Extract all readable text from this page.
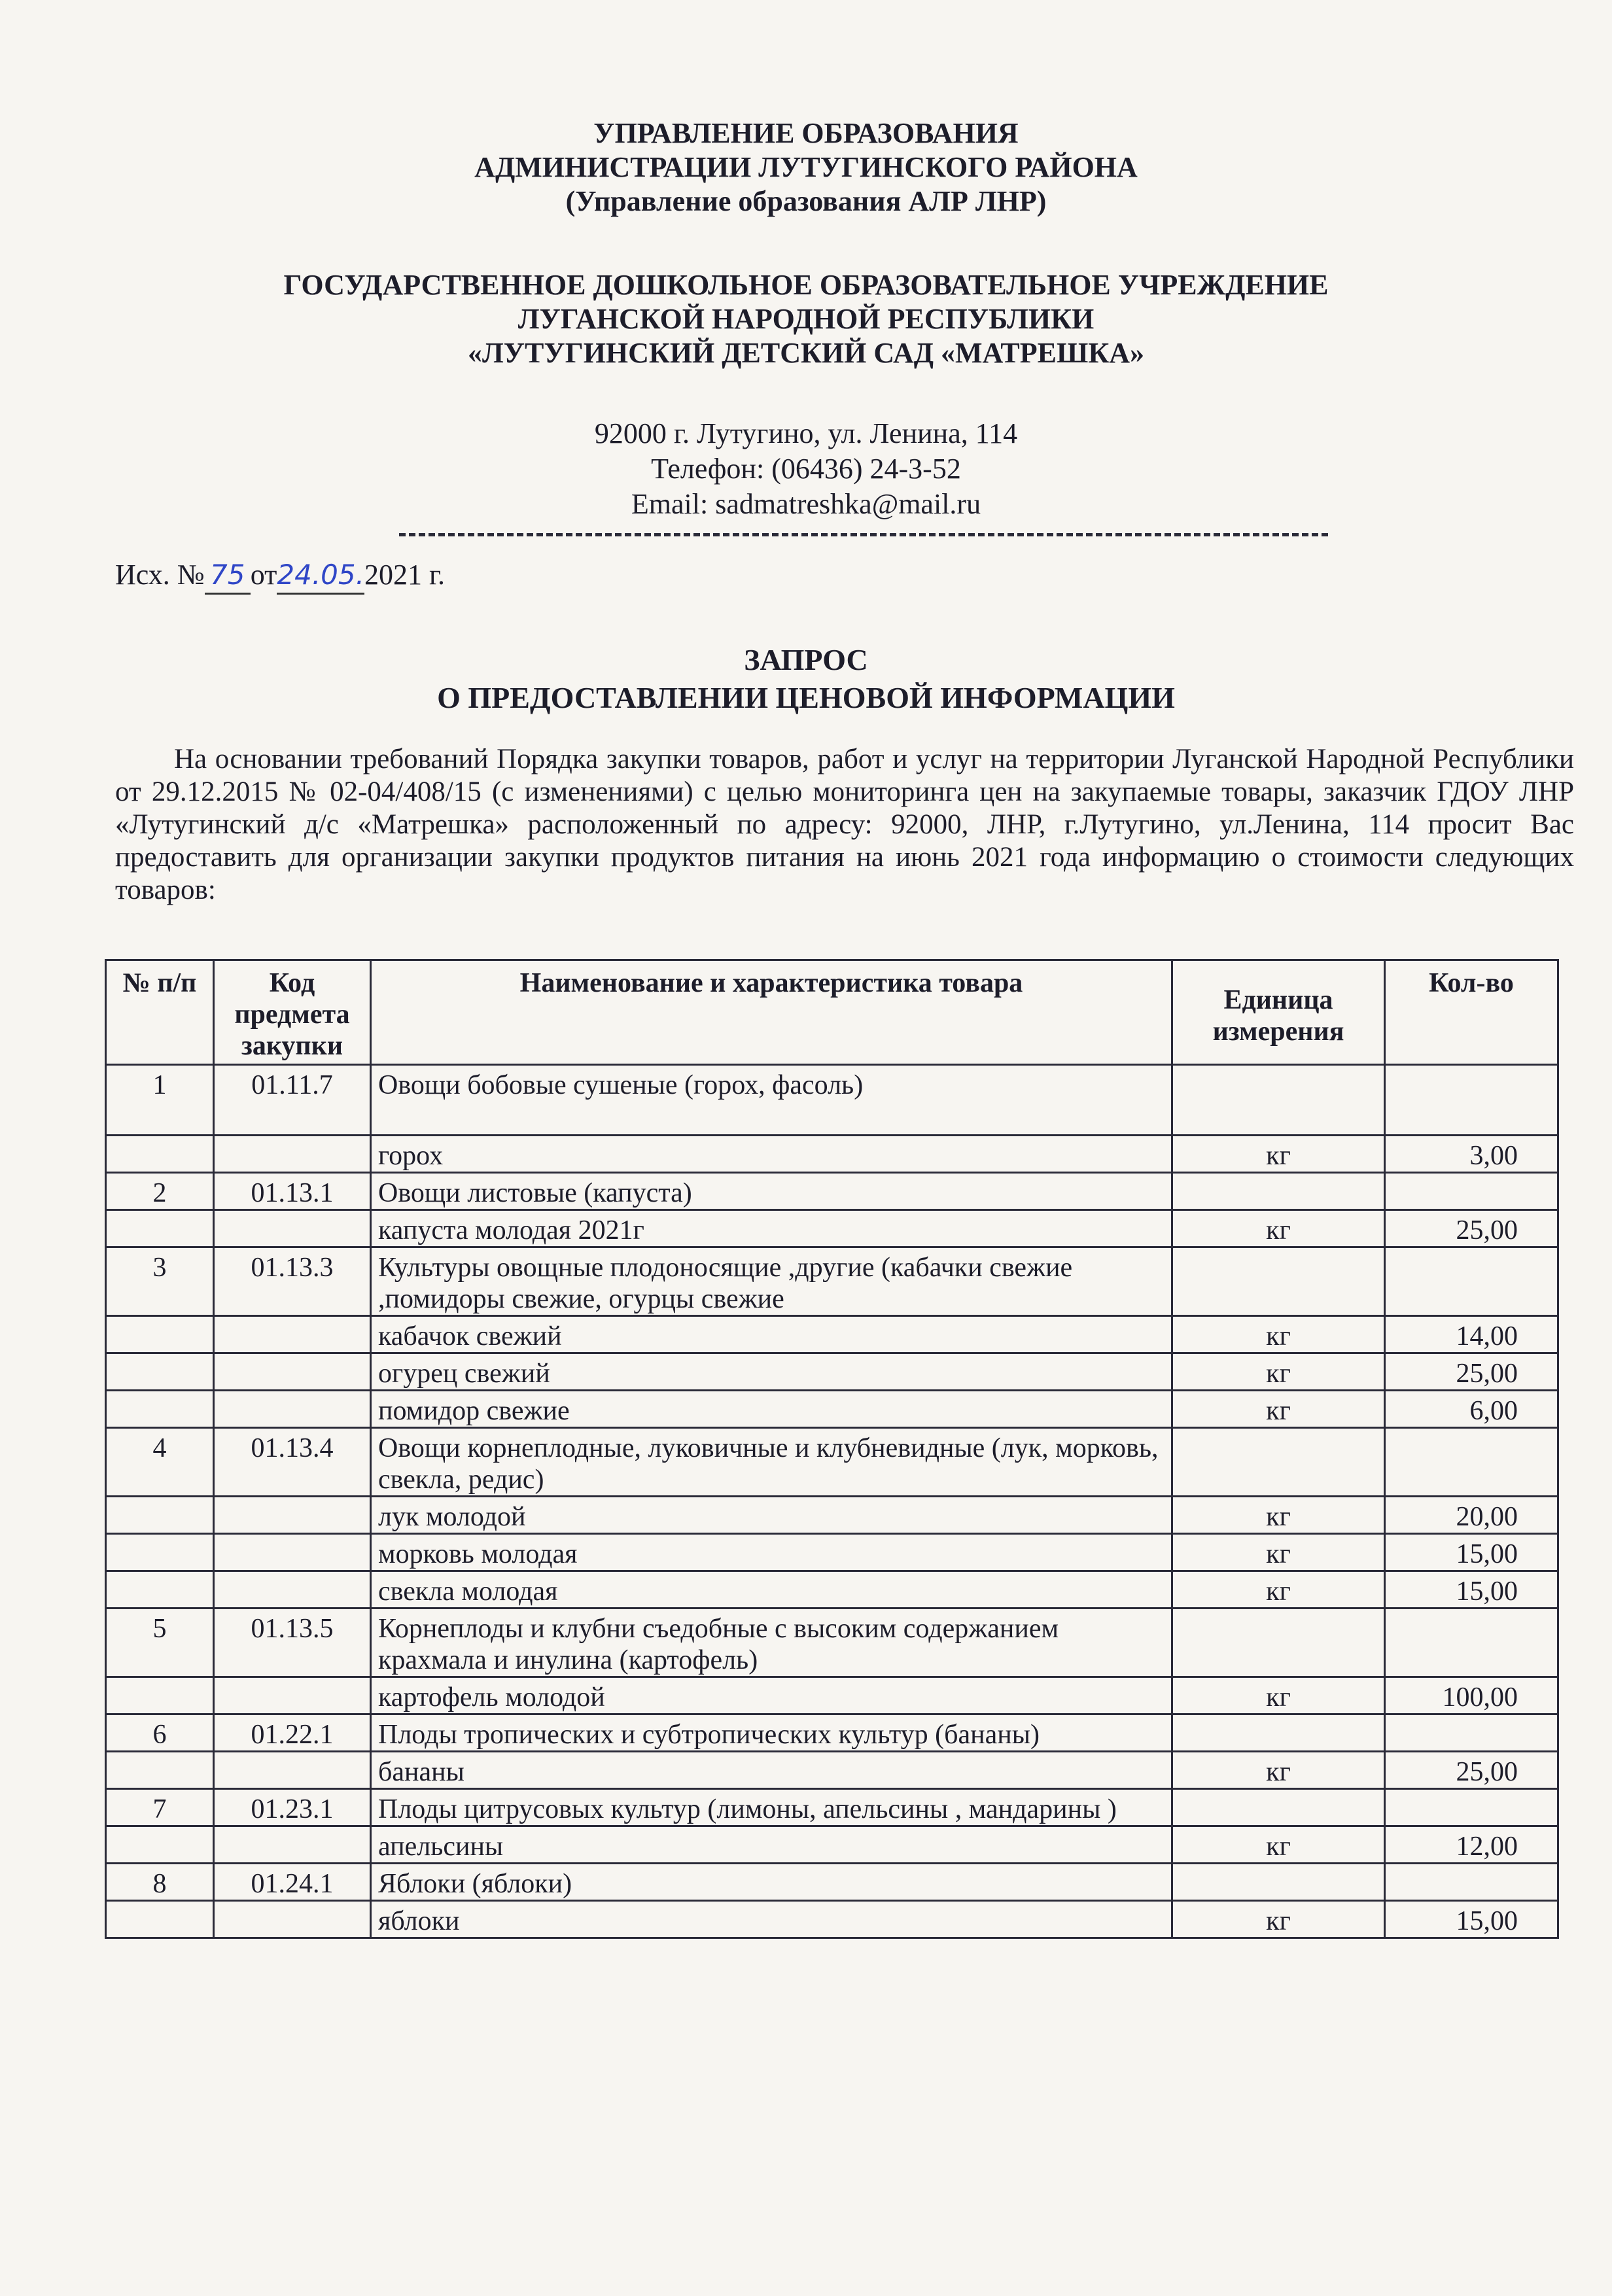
УПРАВЛЕНИЕ ОБРАЗОВАНИЯ
АДМИНИСТРАЦИИ ЛУТУГИНСКОГО РАЙОНА
(Управление образования АЛР ЛНР)
ГОСУДАРСТВЕННОЕ ДОШКОЛЬНОЕ ОБРАЗОВАТЕЛЬНОЕ УЧРЕЖДЕНИЕ
ЛУГАНСКОЙ НАРОДНОЙ РЕСПУБЛИКИ
«ЛУТУГИНСКИЙ ДЕТСКИЙ САД «МАТРЕШКА»
92000 г. Лутугино, ул. Ленина, 114
Телефон: (06436) 24-3-52
Email: sadmatreshka@mail.ru
Исх. № 75 от24.05.2021 г.
ЗАПРОС
О ПРЕДОСТАВЛЕНИИ ЦЕНОВОЙ ИНФОРМАЦИИ
На основании требований Порядка закупки товаров, работ и услуг на территории Луганской Народной Республики от 29.12.2015 № 02-04/408/15 (с изменениями) с целью мониторинга цен на закупаемые товары, заказчик ГДОУ ЛНР «Лутугинский д/с «Матрешка» расположенный по адресу: 92000, ЛНР, г.Лутугино, ул.Ленина, 114 просит Вас предоставить для организации закупки продуктов питания на июнь 2021 года информацию о стоимости следующих товаров:
№ п/п	Код предмета закупки	Наименование и характеристика товара	Единица измерения	Кол-во
1	01.11.7	Овощи бобовые сушеные (горох, фасоль)		
		горох	кг	3,00
2	01.13.1	Овощи листовые (капуста)		
		капуста молодая 2021г	кг	25,00
3	01.13.3	Культуры овощные плодоносящие ,другие (кабачки свежие ,помидоры свежие, огурцы свежие		
		кабачок свежий	кг	14,00
		огурец свежий	кг	25,00
		помидор свежие	кг	6,00
4	01.13.4	Овощи корнеплодные, луковичные и клубневидные (лук, морковь, свекла, редис)		
		лук молодой	кг	20,00
		морковь молодая	кг	15,00
		свекла молодая	кг	15,00
5	01.13.5	Корнеплоды и клубни съедобные с высоким содержанием крахмала и инулина (картофель)		
		картофель молодой	кг	100,00
6	01.22.1	Плоды тропических и субтропических культур (бананы)		
		бананы	кг	25,00
7	01.23.1	Плоды цитрусовых культур (лимоны, апельсины , мандарины )		
		апельсины	кг	12,00
8	01.24.1	Яблоки (яблоки)		
		яблоки	кг	15,00
